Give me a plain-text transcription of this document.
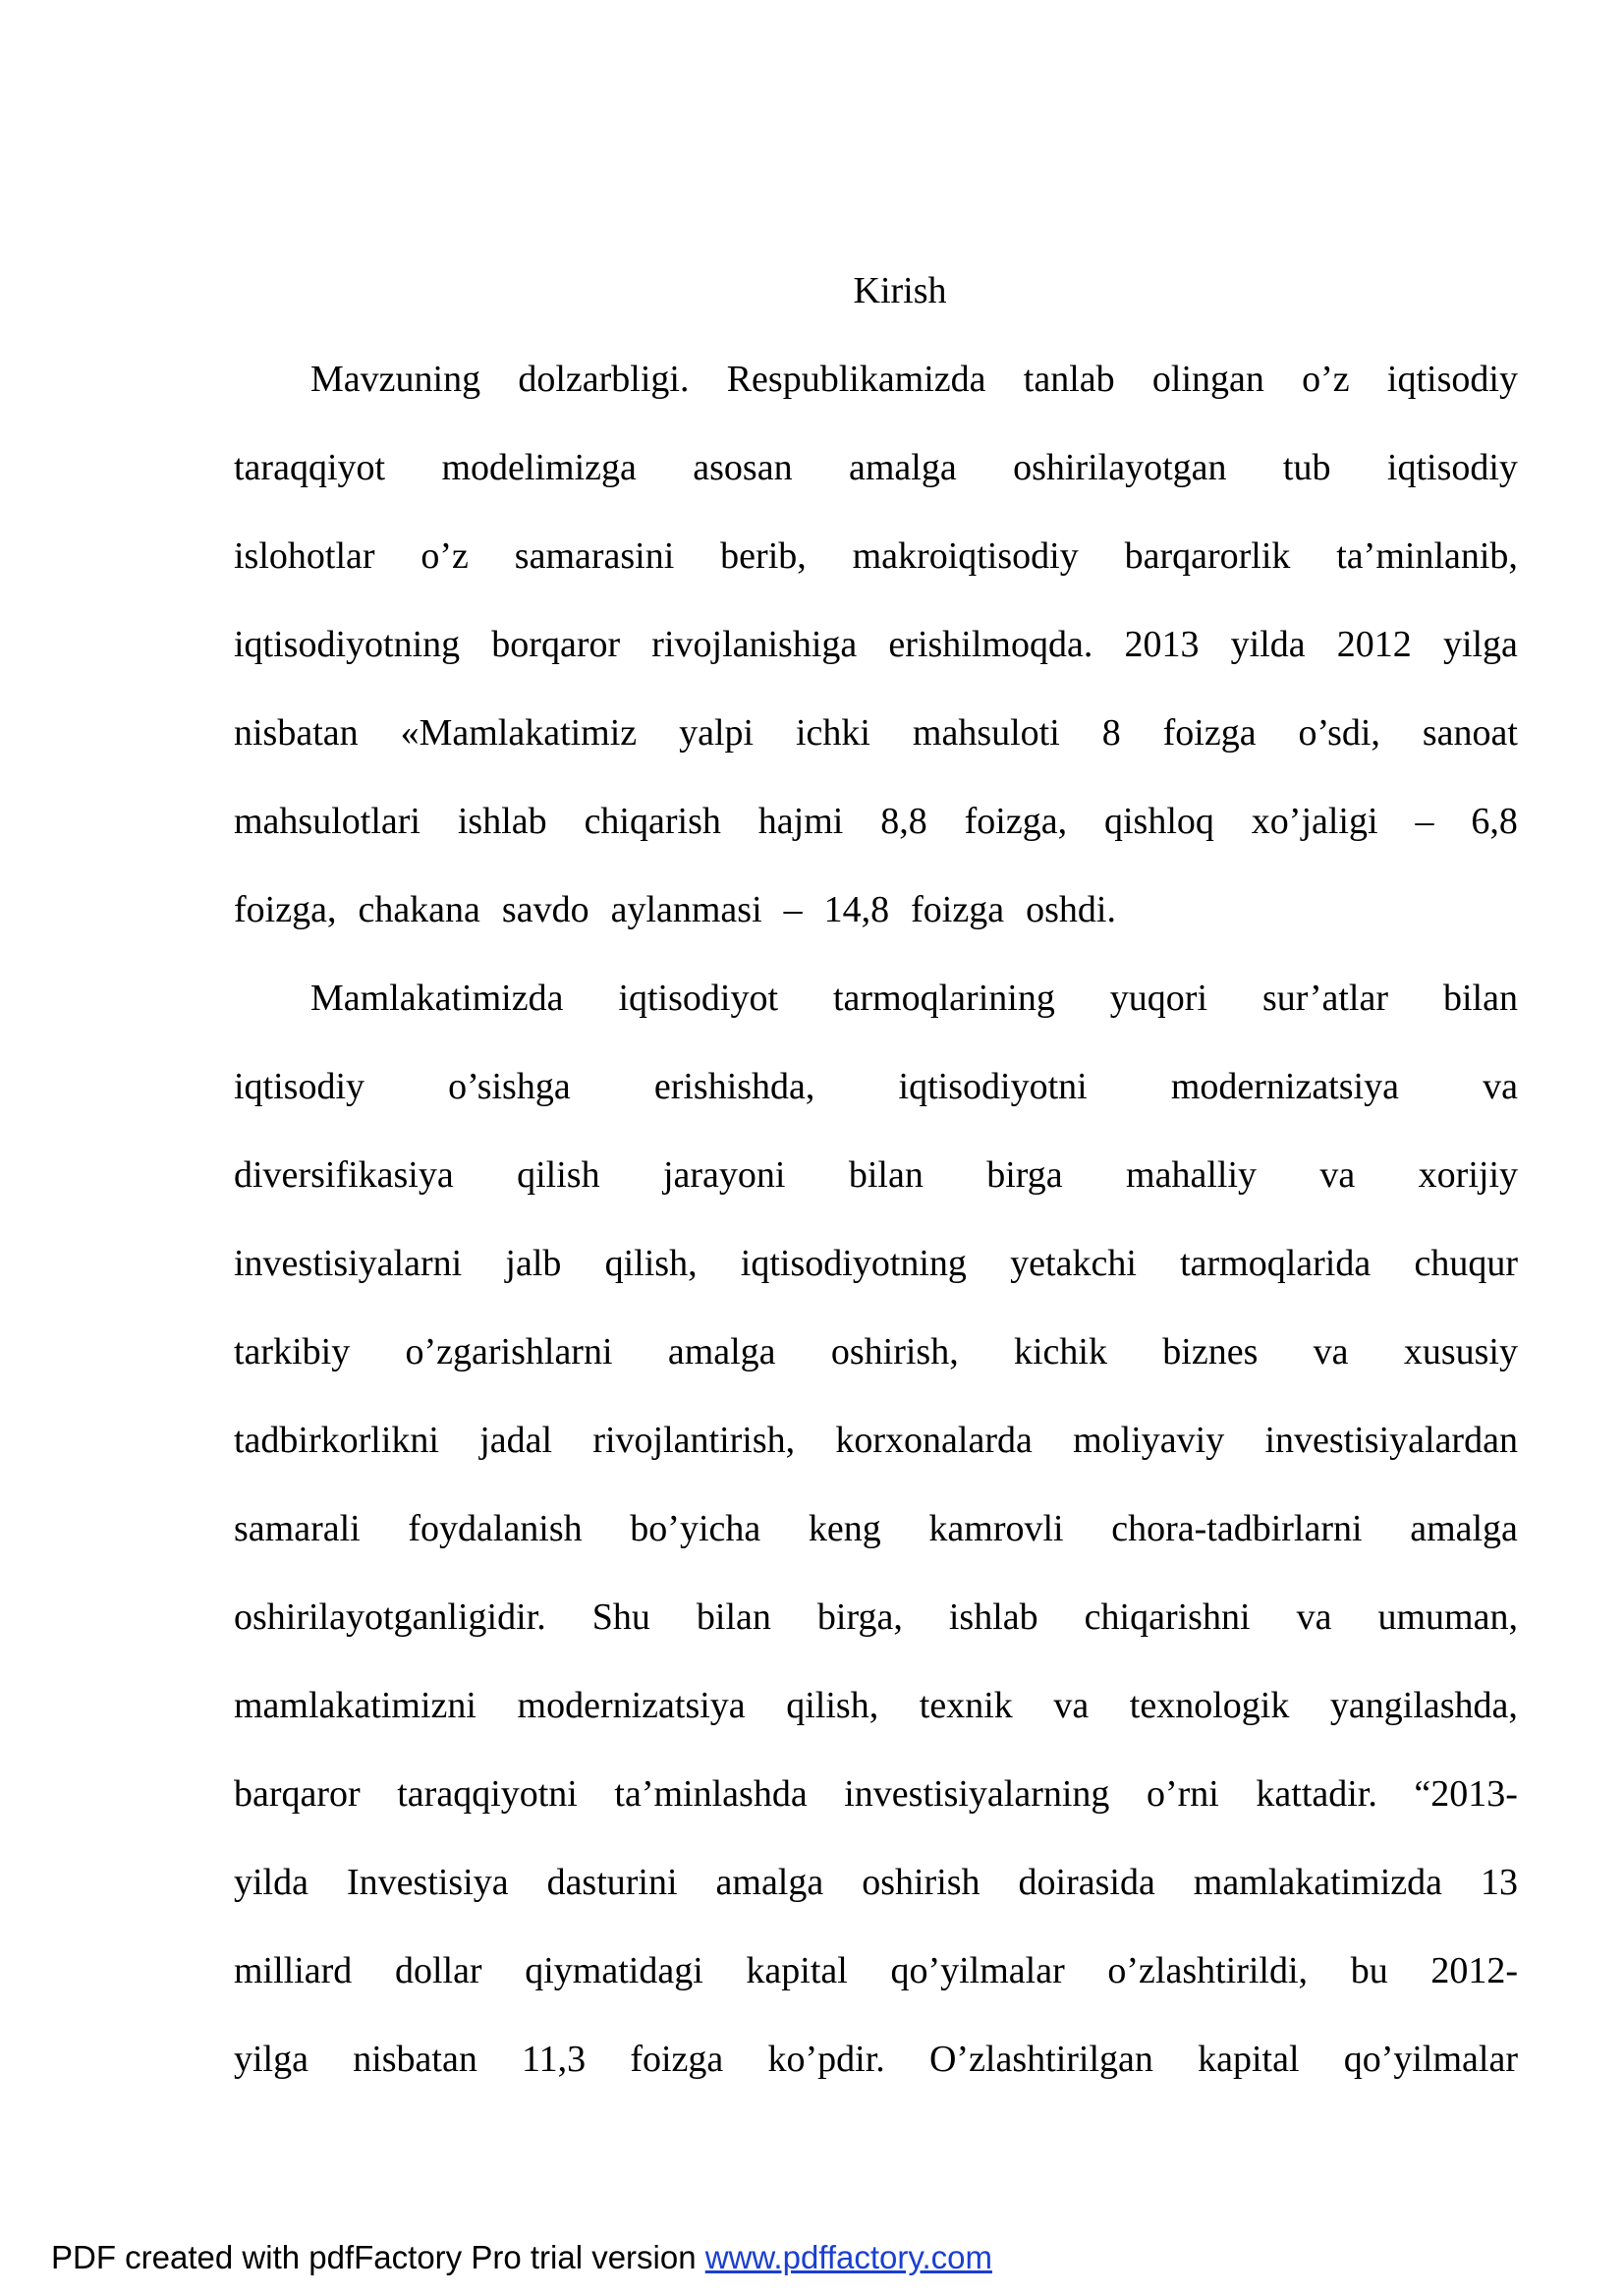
Kirish
Mavzuning dolzarbligi. Respublikamizda tanlab olingan o’z iqtisodiy
taraqqiyot modelimizga asosan amalga oshirilayotgan tub iqtisodiy
islohotlar o’z samarasini berib, makroiqtisodiy barqarorlik ta’minlanib,
iqtisodiyotning borqaror rivojlanishiga erishilmoqda. 2013 yilda 2012 yilga
nisbatan «Mamlakatimiz yalpi ichki mahsuloti 8 foizga o’sdi, sanoat
mahsulotlari ishlab chiqarish hajmi 8,8 foizga, qishloq xo’jaligi – 6,8
foizga, chakana savdo aylanmasi – 14,8 foizga oshdi.
Mamlakatimizda iqtisodiyot tarmoqlarining yuqori sur’atlar bilan
iqtisodiy o’sishga erishishda, iqtisodiyotni modernizatsiya va
diversifikasiya qilish jarayoni bilan birga mahalliy va xorijiy
investisiyalarni jalb qilish, iqtisodiyotning yetakchi tarmoqlarida chuqur
tarkibiy o’zgarishlarni amalga oshirish, kichik biznes va xususiy
tadbirkorlikni jadal rivojlantirish, korxonalarda moliyaviy investisiyalardan
samarali foydalanish bo’yicha keng kamrovli chora-tadbirlarni amalga
oshirilayotganligidir. Shu bilan birga, ishlab chiqarishni va umuman,
mamlakatimizni modernizatsiya qilish, texnik va texnologik yangilashda,
barqaror taraqqiyotni ta’minlashda investisiyalarning o’rni kattadir. “2013-
yilda Investisiya dasturini amalga oshirish doirasida mamlakatimizda 13
milliard dollar qiymatidagi kapital qo’yilmalar o’zlashtirildi, bu 2012-
yilga nisbatan 11,3 foizga ko’pdir. O’zlashtirilgan kapital qo’yilmalar
PDF created with pdfFactory Pro trial version www.pdffactory.com
